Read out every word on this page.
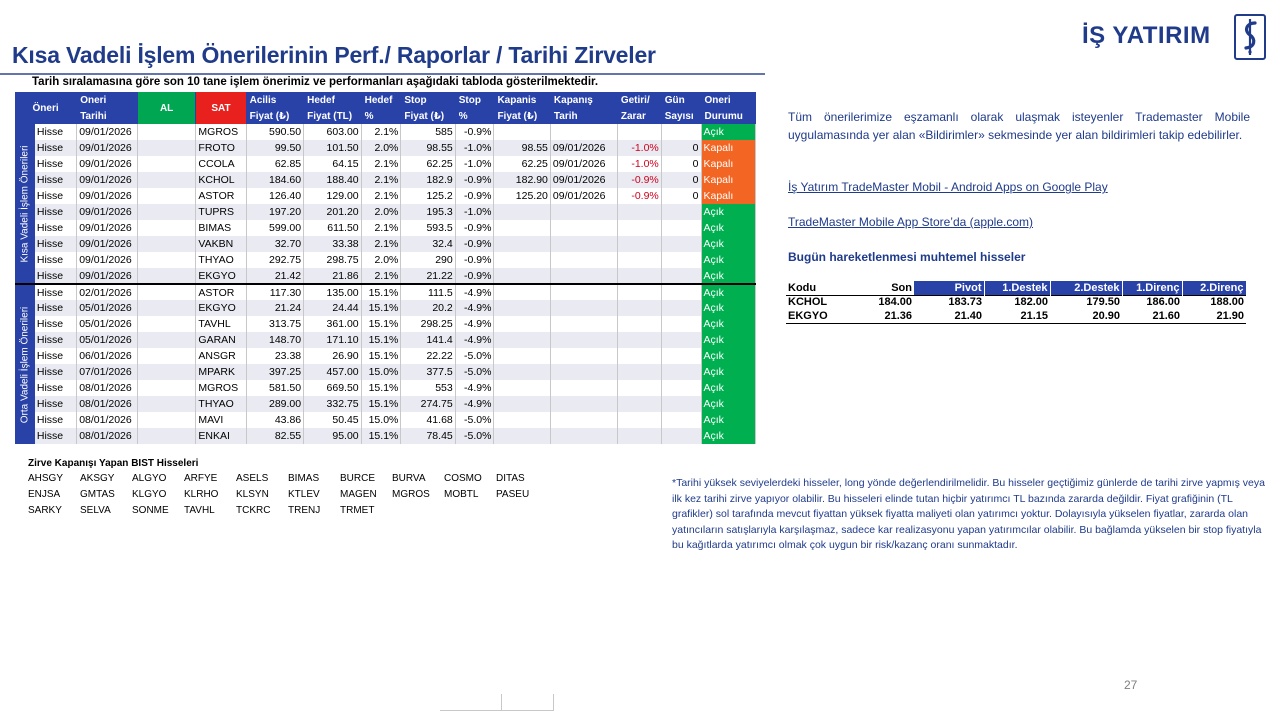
Kısa Vadeli İşlem Önerilerinin Perf./ Raporlar / Tarihi Zirveler
İŞ YATIRIM
Tarih sıralamasına göre son 10 tane işlem önerimiz ve performanları aşağıdaki tabloda gösterilmektedir.
Öneri		Oneri	AL	SAT	Acilis	Hedef	Hedef	Stop	Stop	Kapanis	Kapanış	Getiri/	Gün	Oneri
		Tarihi			Fiyat (₺)	Fiyat (TL)	%	Fiyat (₺)	%	Fiyat (₺)	Tarih	Zarar	Sayısı	Durumu

Kısa Vadeli İşlem Önerileri	Hisse	09/01/2026		MGROS	590.50	603.00	2.1%	585	-0.9%					Açık
	Hisse	09/01/2026		FROTO	99.50	101.50	2.0%	98.55	-1.0%	98.55	09/01/2026	-1.0%	0	Kapalı
	Hisse	09/01/2026		CCOLA	62.85	64.15	2.1%	62.25	-1.0%	62.25	09/01/2026	-1.0%	0	Kapalı
	Hisse	09/01/2026		KCHOL	184.60	188.40	2.1%	182.9	-0.9%	182.90	09/01/2026	-0.9%	0	Kapalı
	Hisse	09/01/2026		ASTOR	126.40	129.00	2.1%	125.2	-0.9%	125.20	09/01/2026	-0.9%	0	Kapalı
	Hisse	09/01/2026		TUPRS	197.20	201.20	2.0%	195.3	-1.0%					Açık
	Hisse	09/01/2026		BIMAS	599.00	611.50	2.1%	593.5	-0.9%					Açık
	Hisse	09/01/2026		VAKBN	32.70	33.38	2.1%	32.4	-0.9%					Açık
	Hisse	09/01/2026		THYAO	292.75	298.75	2.0%	290	-0.9%					Açık
	Hisse	09/01/2026		EKGYO	21.42	21.86	2.1%	21.22	-0.9%					Açık

Orta Vadeli İşlem Önerileri	Hisse	02/01/2026		ASTOR	117.30	135.00	15.1%	111.5	-4.9%					Açık
	Hisse	05/01/2026		EKGYO	21.24	24.44	15.1%	20.2	-4.9%					Açık
	Hisse	05/01/2026		TAVHL	313.75	361.00	15.1%	298.25	-4.9%					Açık
	Hisse	05/01/2026		GARAN	148.70	171.10	15.1%	141.4	-4.9%					Açık
	Hisse	06/01/2026		ANSGR	23.38	26.90	15.1%	22.22	-5.0%					Açık
	Hisse	07/01/2026		MPARK	397.25	457.00	15.0%	377.5	-5.0%					Açık
	Hisse	08/01/2026		MGROS	581.50	669.50	15.1%	553	-4.9%					Açık
	Hisse	08/01/2026		THYAO	289.00	332.75	15.1%	274.75	-4.9%					Açık
	Hisse	08/01/2026		MAVI	43.86	50.45	15.0%	41.68	-5.0%					Açık
	Hisse	08/01/2026		ENKAI	82.55	95.00	15.1%	78.45	-5.0%					Açık
Tüm önerilerimize eşzamanlı olarak ulaşmak isteyenler Trademaster Mobile uygulamasında yer alan «Bildirimler» sekmesinde yer alan bildirimleri takip edebilirler.
İş Yatırım TradeMaster Mobil - Android Apps on Google Play
TradeMaster Mobile App Store’da (apple.com)
Bugün hareketlenmesi muhtemel hisseler
Kodu	Son	Pivot	1.Destek	2.Destek	1.Direnç	2.Direnç
KCHOL	184.00	183.73	182.00	179.50	186.00	188.00
EKGYO	21.36	21.40	21.15	20.90	21.60	21.90
Zirve Kapanışı Yapan BIST Hisseleri
AHSGY	AKSGY	ALGYO	ARFYE	ASELS	BIMAS	BURCE	BURVA	COSMO	DITAS
ENJSA	GMTAS	KLGYO	KLRHO	KLSYN	KTLEV	MAGEN	MGROS	MOBTL	PASEU
SARKY	SELVA	SONME	TAVHL	TCKRC	TRENJ	TRMET
*Tarihi yüksek seviyelerdeki hisseler, long yönde değerlendirilmelidir. Bu hisseler geçtiğimiz günlerde de tarihi zirve yapmış veya ilk kez tarihi zirve yapıyor olabilir. Bu hisseleri elinde tutan hiçbir yatırımcı TL bazında zararda değildir. Fiyat grafiğinin (TL grafikler) sol tarafında mevcut fiyattan yüksek fiyatta maliyeti olan yatırımcı yoktur. Dolayısıyla yükselen fiyatlar, zararda olan yatıncıların satışlarıyla karşılaşmaz, sadece kar realizasyonu yapan yatırımcılar olabilir. Bu bağlamda yükselen bir stop fiyatıyla bu kağıtlarda yatırımcı olmak çok uygun bir risk/kazanç oranı sunmaktadır.
27
